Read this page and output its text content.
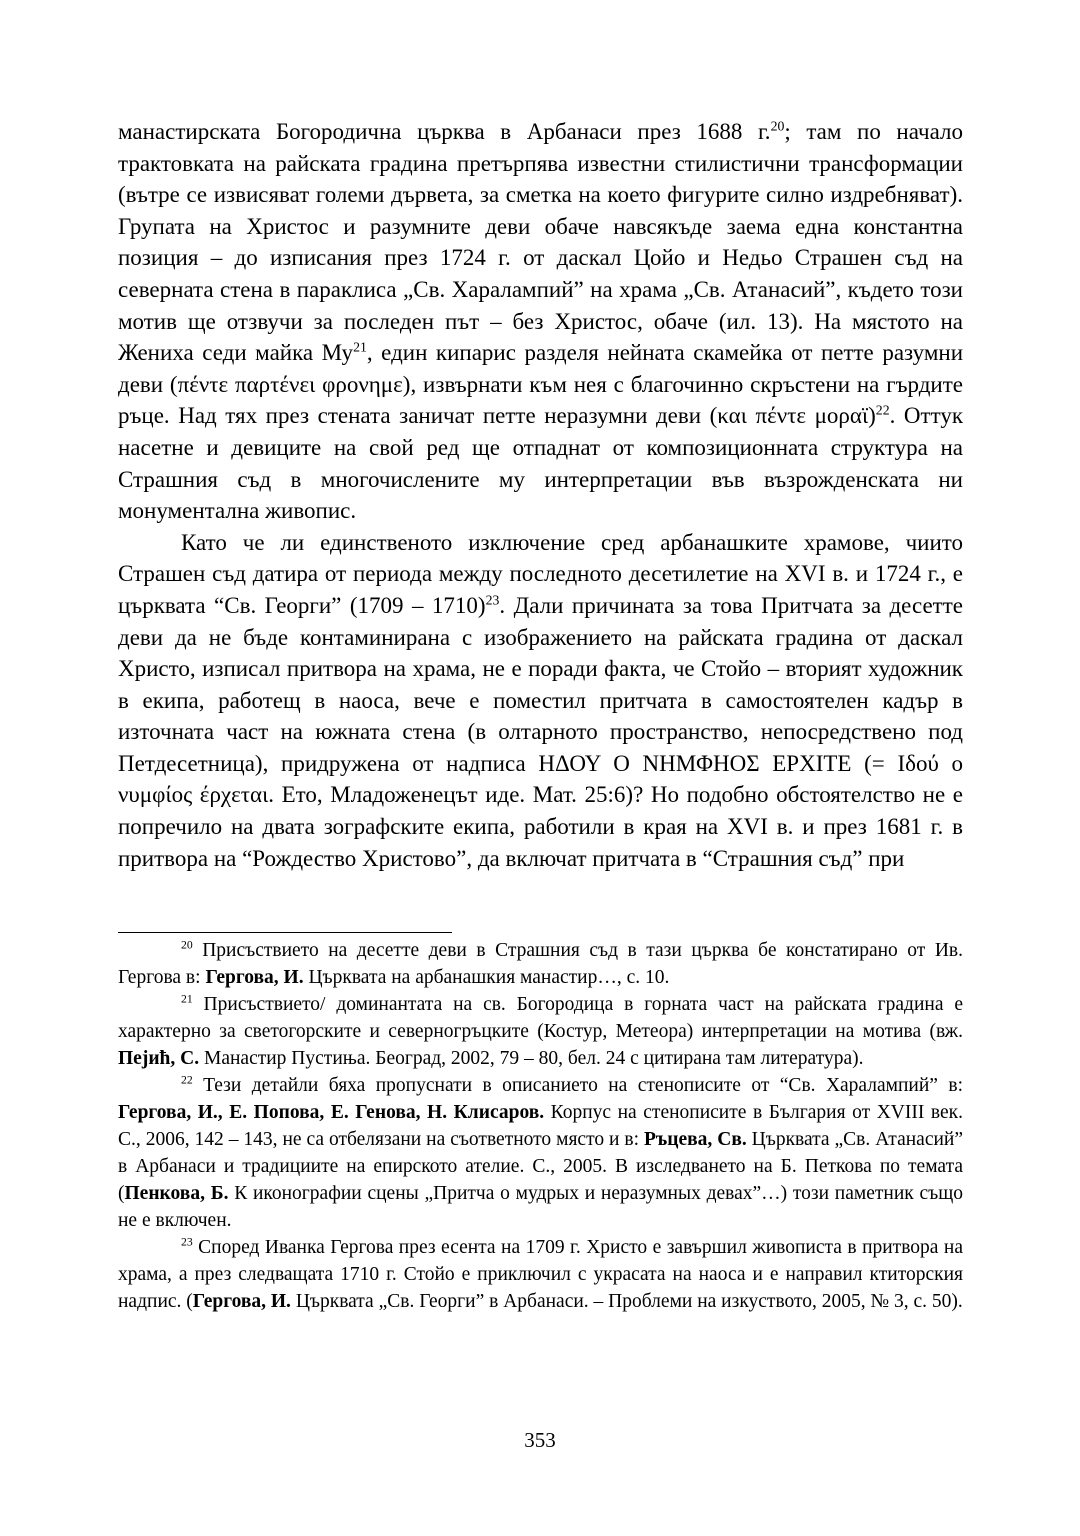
манастирската Богородична църква в Арбанаси през 1688 г.$^{20}$; там по начало трактовката на райската градина претърпява известни стилистични трансформации (вътре се извисяват големи дървета, за сметка на което фигурите силно издребняват). Групата на Христос и разумните деви обаче навсякъде заема една константна позиция – до изписания през 1724 г. от даскал Цойо и Недьо Страшен съд на северната стена в параклиса „Св. Харалампий” на храма „Св. Атанасий”, където този мотив ще отзвучи за последен път – без Христос, обаче (ил. 13). На мястото на Жениха седи майка $Му^{21}$, един кипарис разделя нейната скамейка от петте разумни деви (πέντε παρτένει φρονημε), извърнати към нея с благочинно скръстени на гърдите ръце. Над тях през стената заничат петте неразумни деви (και πέντε μοραϊ)$^{22}$. Оттук насетне и девиците на свой ред ще отпаднат от композиционната структура на Страшния съд в многочислените му интерпретации във възрожденската ни монументална живопис.

Като че ли единственото изключение сред арбанашките храмове, чиито Страшен съд датира от периода между последното десетилетие на XVI в. и 1724 г., е църквата “Св. Георги” (1709 – 1710)$^{23}$. Дали причината за това Притчата за десетте деви да не бъде контаминирана с изображението на райската градина от даскал Христо, изписал притвора на храма, не е поради факта, че Стойо – вторият художник в екипа, работещ в наоса, вече е поместил притчата в самостоятелен кадър в източната част на южната стена (в олтарното пространство, непосредствено под Петдесетница), придружена от надписа ΗΔΟΥ Ο ΝΗΜΦΗΟΣ ΕΡΧΙΤΕ (= Ιδού ο νυμφίος έρχεται. Ето, Младоженецът иде. Мат. 25:6)? Но подобно обстоятелство не е попречило на двата зографските екипа, работили в края на XVI в. и през 1681 г. в притвора на “Рождество Христово”, да включат притчата в “Страшния съд” при

$^{20}$ Присъствието на десетте деви в Страшния съд в тази църква бе констатирано от Ив. Гергова в: Гергова, И. Църквата на арбанашкия манастир…, с. 10.

$^{21}$ Присъствието/ доминантата на св. Богородица в горната част на райската градина е характерно за светогорските и северногръцките (Костур, Метеора) интерпретации на мотива (вж. Пејић, С. Манастир Пустиња. Београд, 2002, 79 – 80, бел. 24 с цитирана там литература).

$^{22}$ Тези детайли бяха пропуснати в описанието на стенописите от “Св. Харалампий” в: Гергова, И., Е. Попова, Е. Генова, Н. Клисаров. Корпус на стенописите в България от XVIII век. С., 2006, 142 – 143, не са отбелязани на съответното място и в: Ръцева, Св. Църквата „Св. Атанасий” в Арбанаси и традициите на епирското ателие. С., 2005. В изследването на Б. Петкова по темата (Пенкова, Б. К иконографии сцены „Притча о мудрых и неразумных девах”…) този паметник също не е включен.

$^{23}$ Според Иванка Гергова през есента на 1709 г. Христо е завършил живописта в притвора на храма, а през следващата 1710 г. Стойо е приключил с украсата на наоса и е направил ктиторския надпис. (Гергова, И. Църквата „Св. Георги” в Арбанаси. – Проблеми на изкуството, 2005, № 3, с. 50).

353
